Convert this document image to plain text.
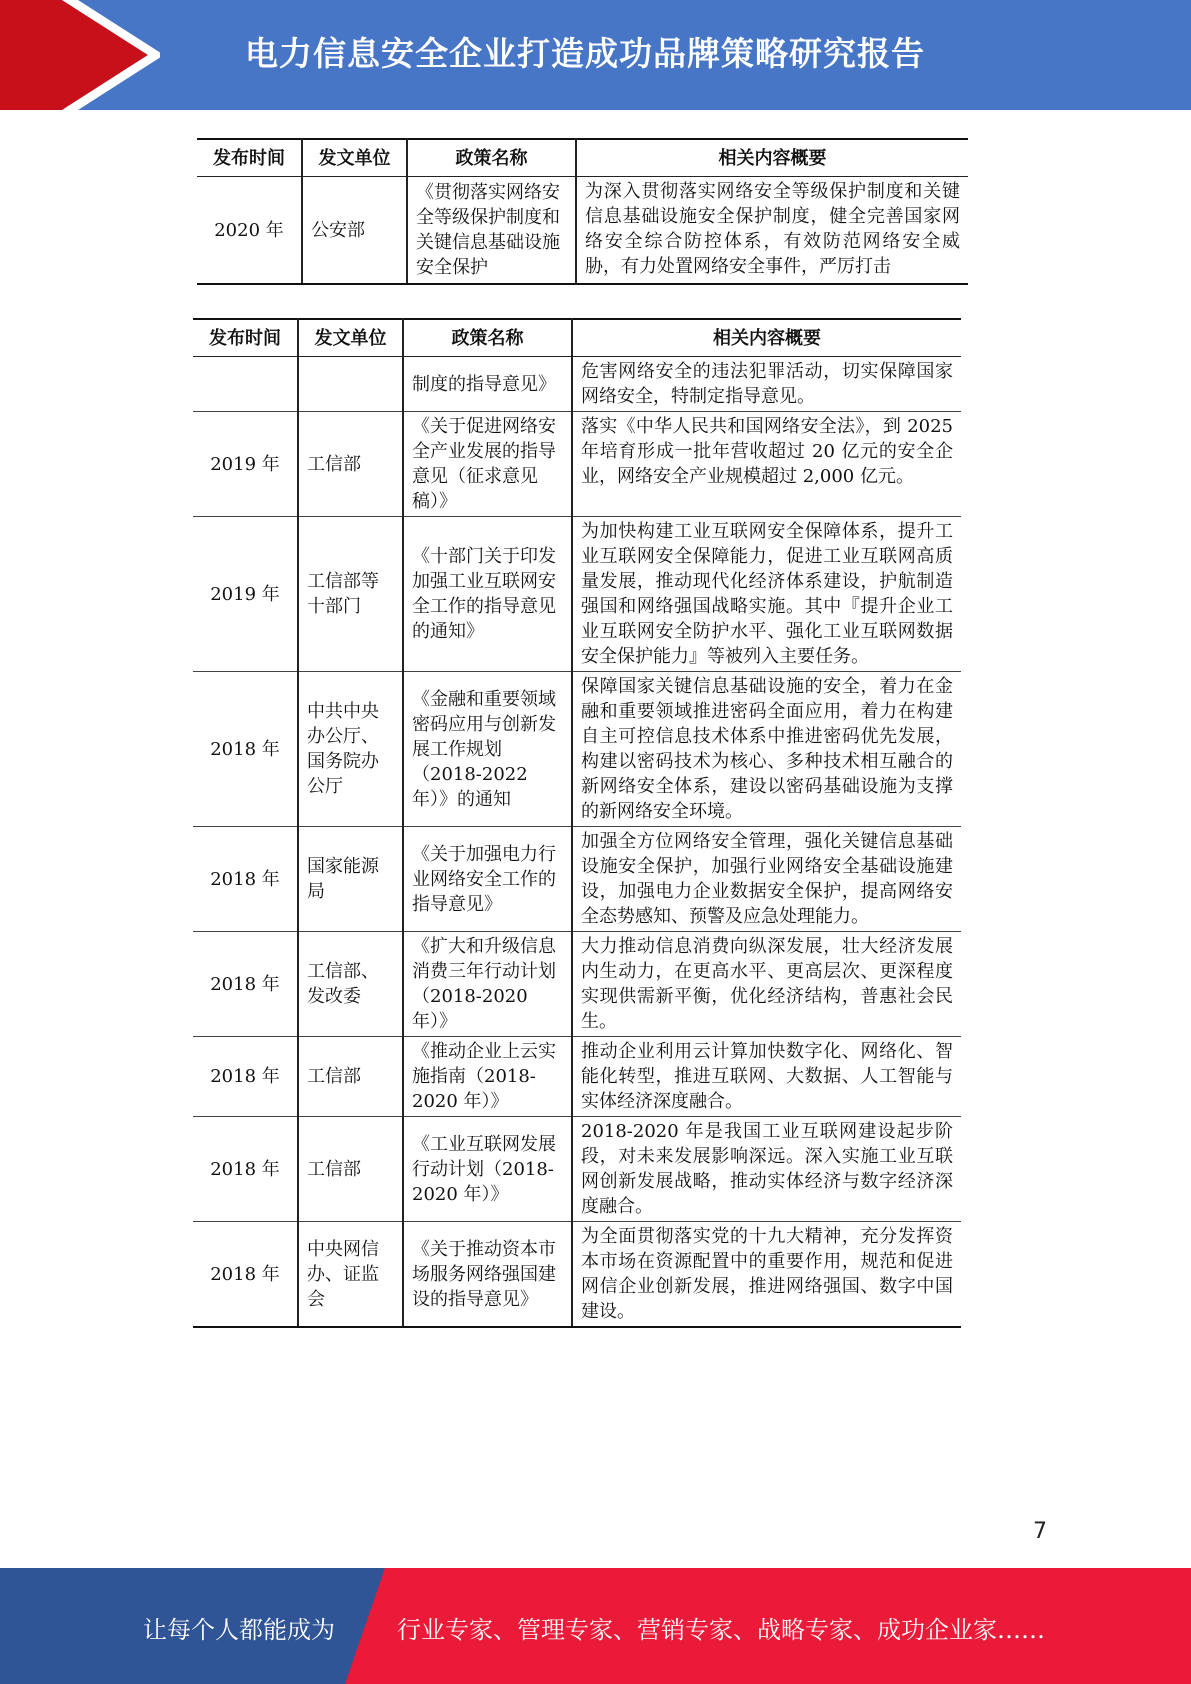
电力信息安全企业打造成功品牌策略研究报告
发布时间	发文单位	政策名称	相关内容概要
2020 年	公安部	《贯彻落实网络安全等级保护制度和关键信息基础设施安全保护	为深入贯彻落实网络安全等级保护制度和关键信息基础设施安全保护制度，健全完善国家网络安全综合防控体系，有效防范网络安全威胁，有力处置网络安全事件，严厉打击
发布时间	发文单位	政策名称	相关内容概要
		制度的指导意见》	危害网络安全的违法犯罪活动，切实保障国家网络安全，特制定指导意见。
2019 年	工信部	《关于促进网络安全产业发展的指导意见（征求意见稿）》	落实《中华人民共和国网络安全法》，到 2025 年培育形成一批年营收超过 20 亿元的安全企业，网络安全产业规模超过 2,000 亿元。
2019 年	工信部等十部门	《十部门关于印发加强工业互联网安全工作的指导意见的通知》	为加快构建工业互联网安全保障体系，提升工业互联网安全保障能力，促进工业互联网高质量发展，推动现代化经济体系建设，护航制造强国和网络强国战略实施。其中『提升企业工业互联网安全防护水平、强化工业互联网数据安全保护能力』等被列入主要任务。
2018 年	中共中央办公厅、国务院办公厅	《金融和重要领域密码应用与创新发展工作规划（2018-2022 年）》的通知	保障国家关键信息基础设施的安全，着力在金融和重要领域推进密码全面应用，着力在构建自主可控信息技术体系中推进密码优先发展，构建以密码技术为核心、多种技术相互融合的新网络安全体系，建设以密码基础设施为支撑的新网络安全环境。
2018 年	国家能源局	《关于加强电力行业网络安全工作的指导意见》	加强全方位网络安全管理，强化关键信息基础设施安全保护，加强行业网络安全基础设施建设，加强电力企业数据安全保护，提高网络安全态势感知、预警及应急处理能力。
2018 年	工信部、发改委	《扩大和升级信息消费三年行动计划（2018-2020 年）》	大力推动信息消费向纵深发展，壮大经济发展内生动力，在更高水平、更高层次、更深程度实现供需新平衡，优化经济结构，普惠社会民生。
2018 年	工信部	《推动企业上云实施指南（2018-2020 年）》	推动企业利用云计算加快数字化、网络化、智能化转型，推进互联网、大数据、人工智能与实体经济深度融合。
2018 年	工信部	《工业互联网发展行动计划（2018-2020 年）》	2018-2020 年是我国工业互联网建设起步阶段，对未来发展影响深远。深入实施工业互联网创新发展战略，推动实体经济与数字经济深度融合。
2018 年	中央网信办、证监会	《关于推动资本市场服务网络强国建设的指导意见》	为全面贯彻落实党的十九大精神，充分发挥资本市场在资源配置中的重要作用，规范和促进网信企业创新发展，推进网络强国、数字中国建设。
7
让每个人都能成为	行业专家、管理专家、营销专家、战略专家、成功企业家……
